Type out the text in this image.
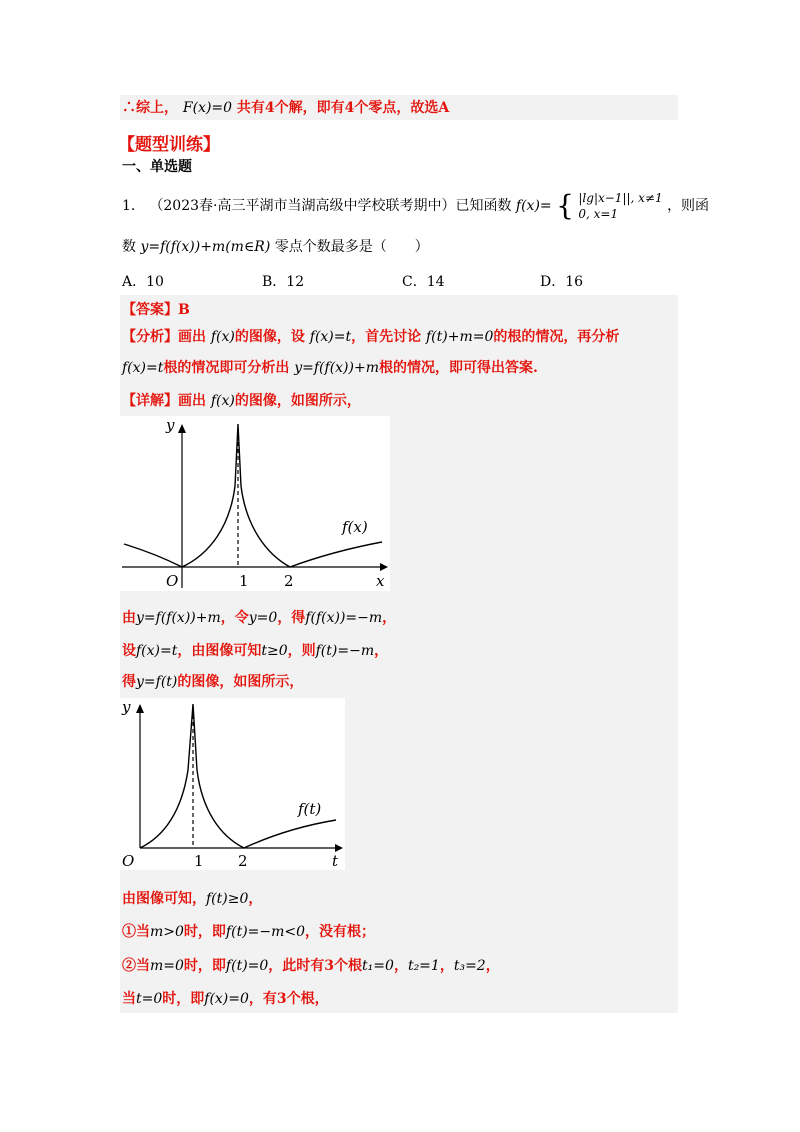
∴综上， F(x)=0 共有4个解，即有4个零点，故选A
【题型训练】
一、单选题
1． （2023春·高三平湖市当湖高级中学校联考期中）已知函数 f(x)= { |lg|x−1||, x≠1
0, x=1	，则函
数 y=f(f(x))+m(m∈R) 零点个数最多是（　　）
A．10	B．12	C．14	D．16
【答案】B
【分析】画出 f(x)的图像，设 f(x)=t，首先讨论 f(t)+m=0的根的情况，再分析
f(x)=t根的情况即可分析出 y=f(f(x))+m根的情况，即可得出答案.
【详解】画出 f(x)的图像，如图所示，
y
x
O	1 2
f(x)
由y=f(f(x))+m，令y=0，得f(f(x))=−m，
设f(x)=t，由图像可知t≥0，则f(t)=−m，
得y=f(t)的图像，如图所示，
y
t
O	1 2
f(t)
由图像可知，f(t)≥0，
①当m>0时，即f(t)=−m<0，没有根；
②当m=0时，即f(t)=0，此时有3个根t₁=0，t₂=1，t₃=2，
当t=0时，即f(x)=0，有3个根，
